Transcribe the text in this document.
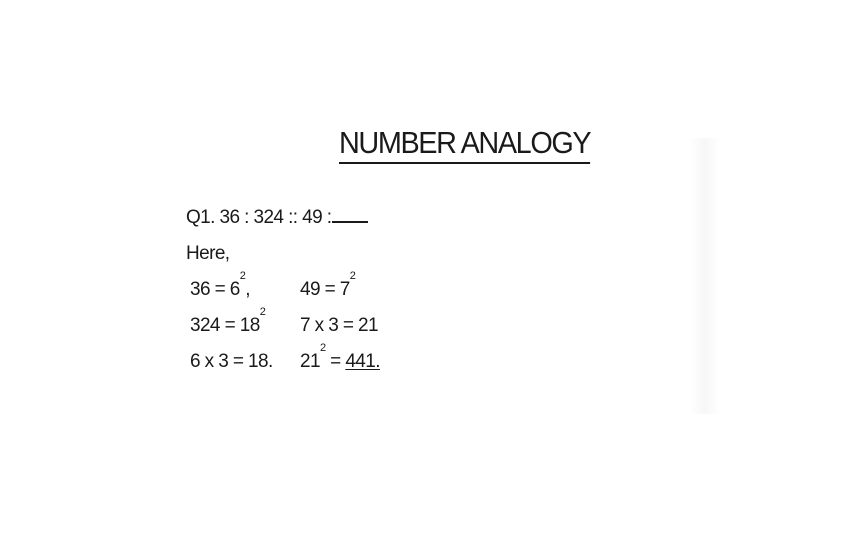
NUMBER ANALOGY
Q1. 36 : 324 :: 49 :
Here,
$36 = 6^2$,
$324 = 18^2$
6 x 3 = 18.
$49 = 7^2$
7 x 3 = 21
$21^2 = 441$.
